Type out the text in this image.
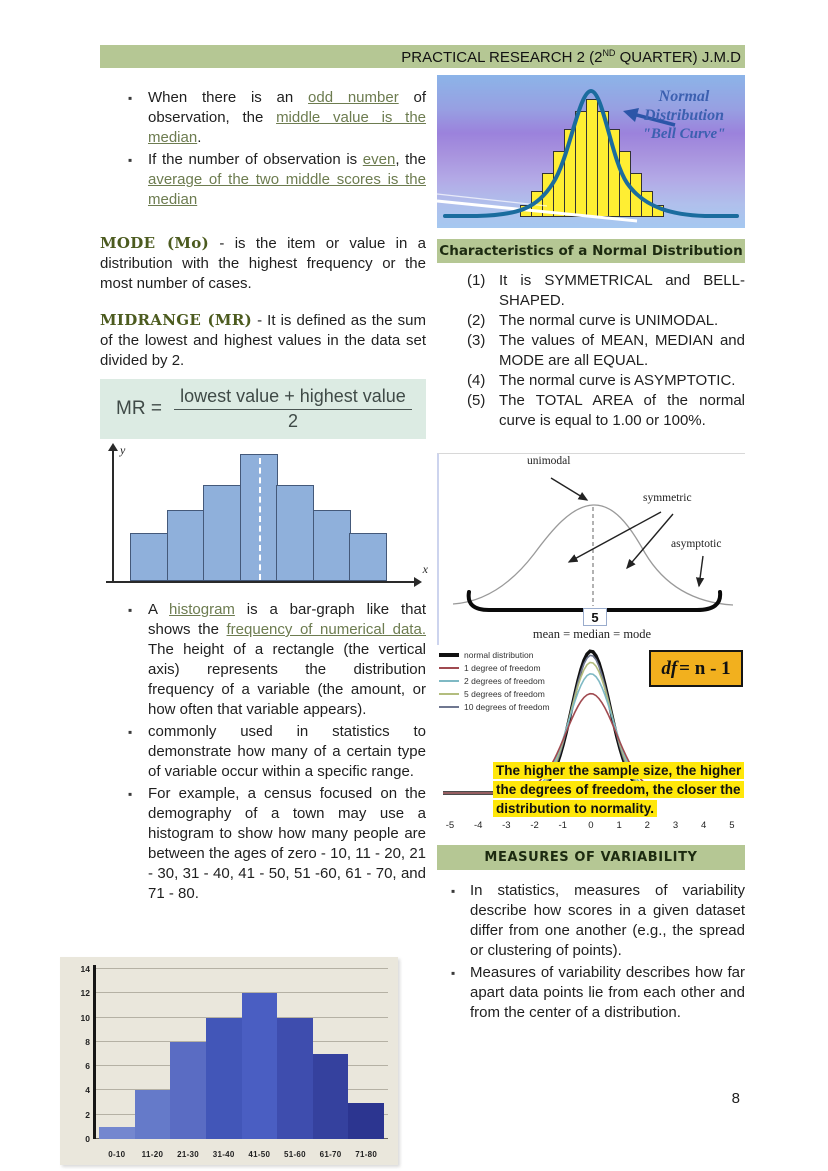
PRACTICAL RESEARCH 2 (2ND QUARTER) J.M.D
▪ When there is an odd number of observation, the middle value is the median.
▪ If the number of observation is even, the average of the two middle scores is the median

MODE (Mo) - is the item or value in a distribution with the highest frequency or the most number of cases.

MIDRANGE (MR) - It is defined as the sum of the lowest and highest values in the data set divided by 2.

MR = $\frac{\text{lowest value + highest value}}{2}$
y
x
▪ A histogram is a bar-graph like that shows the frequency of numerical data. The height of a rectangle (the vertical axis) represents the distribution frequency of a variable (the amount, or how often that variable appears).
▪ commonly used in statistics to demonstrate how many of a certain type of variable occur within a specific range.
▪ For example, a census focused on the demography of a town may use a histogram to show how many people are between the ages of zero - 10, 11 - 20, 21 - 30, 31 - 40, 41 - 50, 51 -60, 61 - 70, and 71 - 80.
0
2
4
6
8
10
12
14
0-10	11-20	21-30	31-40	41-50	51-60	61-70	71-80
Normal
Distribution
"Bell Curve"
Characteristics of a Normal Distribution
(1) It is SYMMETRICAL and BELL-SHAPED.
(2) The normal curve is UNIMODAL.
(3) The values of MEAN, MEDIAN and MODE are all EQUAL.
(4) The normal curve is ASYMPTOTIC.
(5) The TOTAL AREA of the normal curve is equal to 1.00 or 100%.
unimodal
symmetric
asymptotic
5
mean = median = mode
normal distribution
1 degree of freedom
2 degrees of freedom
5 degrees of freedom
10 degrees of freedom
df = n - 1
The higher the sample size, the higher the degrees of freedom, the closer the distribution to normality.
-5 -4 -3 -2 -1	0	1	2	3	4	5
MEASURES OF VARIABILITY
▪ In statistics, measures of variability describe how scores in a given dataset differ from one another (e.g., the spread or clustering of points).
▪ Measures of variability describes how far apart data points lie from each other and from the center of a distribution.
8
